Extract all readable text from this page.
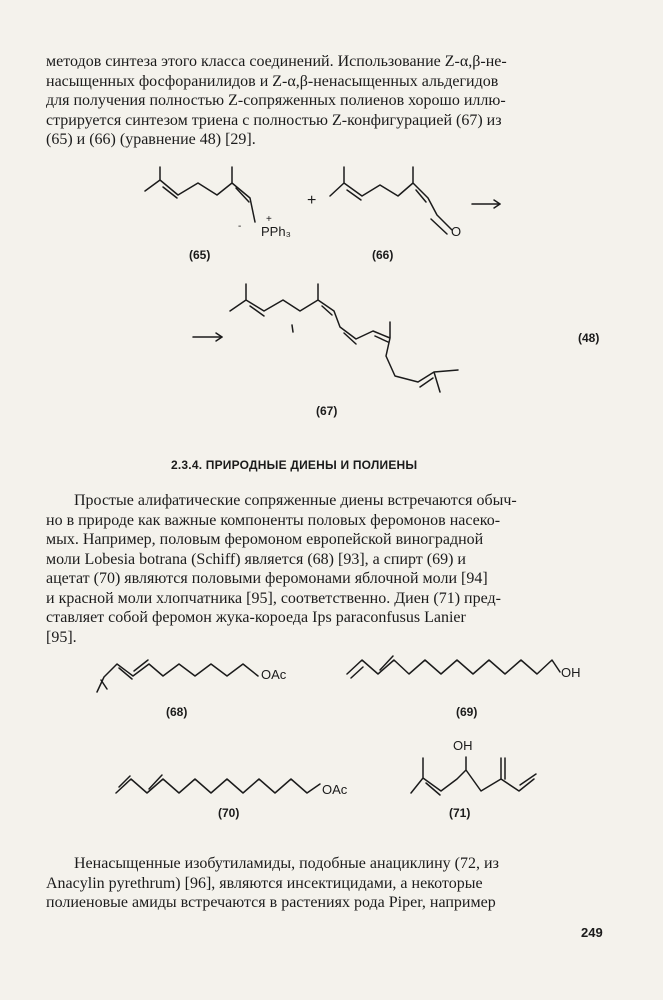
методов синтеза этого класса соединений. Использование Z-α,β-не-
насыщенных фосфоранилидов и Z-α,β-ненасыщенных альдегидов
для получения полностью Z-сопряженных полиенов хорошо иллю-
стрируется синтезом триена с полностью Z-конфигурацией (67) из
(65) и (66) (уравнение 48) [29].

-
+
PPh₃
+
O
(65)	(66)
(48)
(67)
2.3.4. ПРИРОДНЫЕ ДИЕНЫ И ПОЛИЕНЫ

Простые алифатические сопряженные диены встречаются обыч-
но в природе как важные компоненты половых феромонов насеко-
мых. Например, половым феромоном европейской виноградной
моли Lobesia botrana (Schiff) является (68) [93], а спирт (69) и
ацетат (70) являются половыми феромонами яблочной моли [94]
и красной моли хлопчатника [95], соответственно. Диен (71) пред-
ставляет собой феромон жука-короеда Ips paraconfusus Lanier
[95].

OAc
(68)
OH
(69)
OAc
(70)
OH
(71)

Ненасыщенные изобутиламиды, подобные анациклину (72, из
Anacylin pyrethrum) [96], являются инсектицидами, а некоторые
полиеновые амиды встречаются в растениях рода Piper, например

249
